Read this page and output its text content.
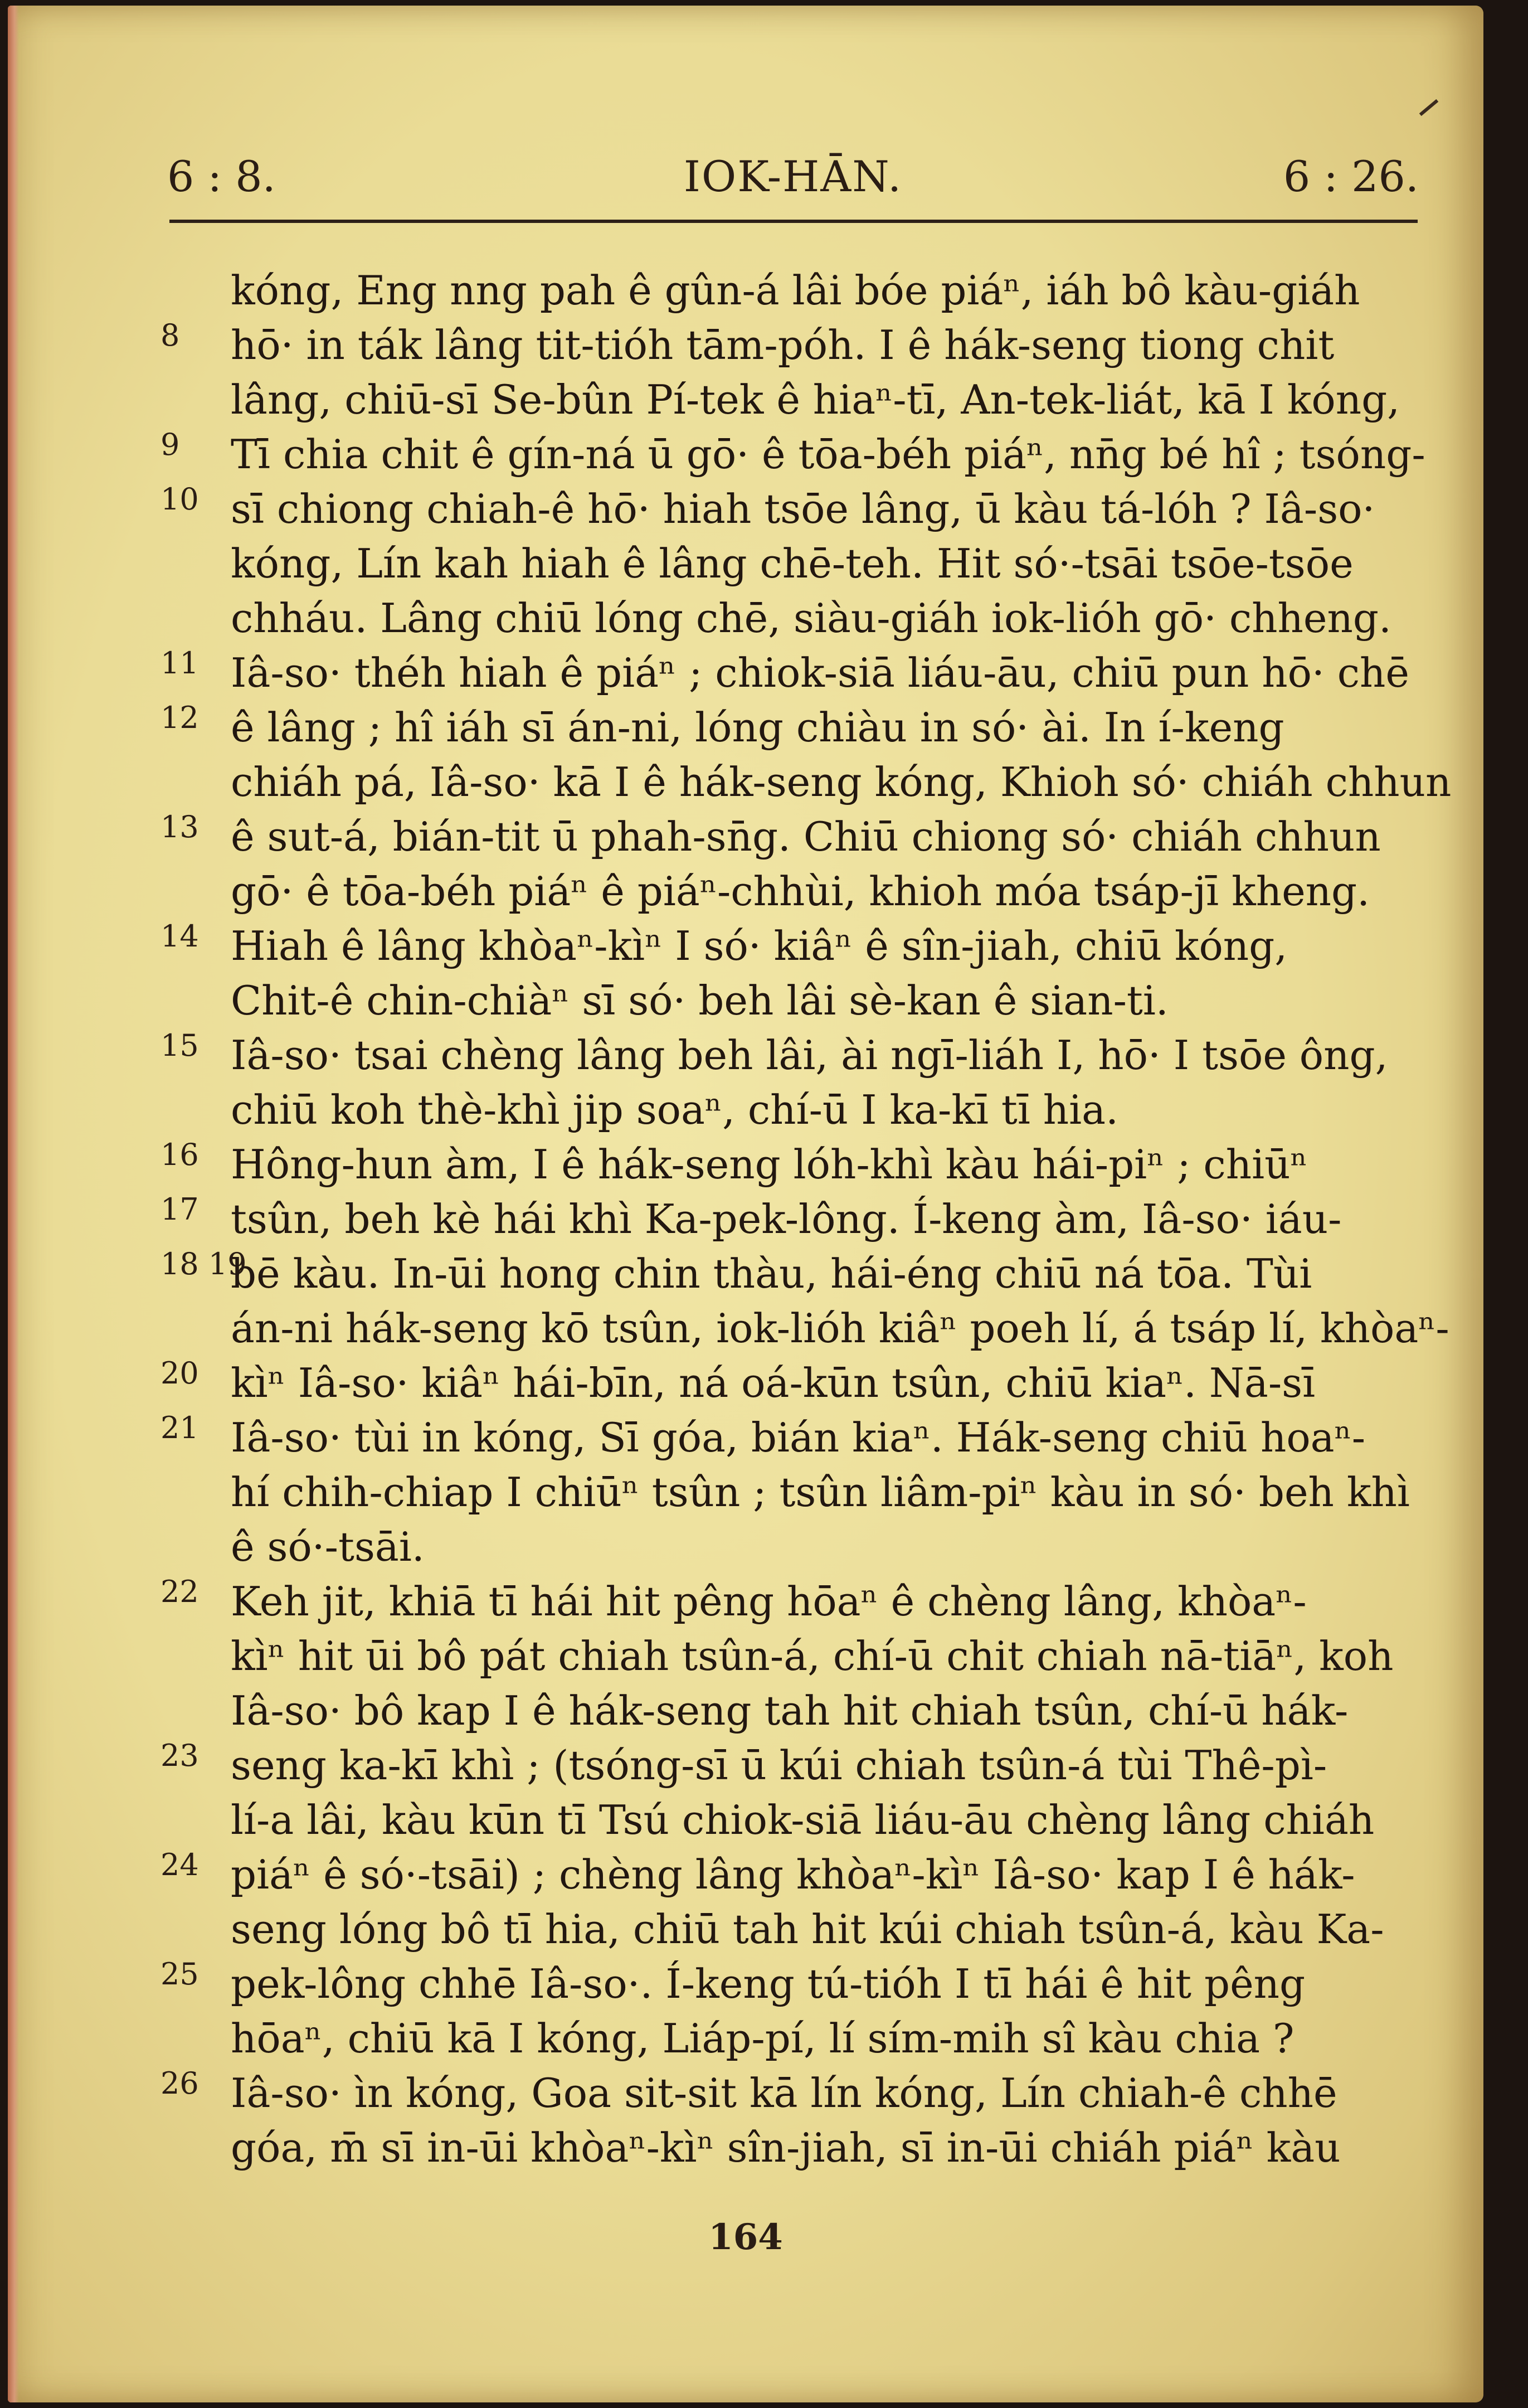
6 : 8.	IOK-HĀN.	6 : 26.
kóng, Eng nng pah ê gûn-á lâi bóe piáⁿ, iáh bô kàu-giáh
8 hō· in ták lâng tit-tióh tām-póh. I ê hák-seng tiong chit
lâng, chiū-sī Se-bûn Pí-tek ê hiaⁿ-tī, An-tek-liát, kā I kóng,
9 Tī chia chit ê gín-ná ū gō· ê tōa-béh piáⁿ, nn̄g bé hî ; tsóng-
10 sī chiong chiah-ê hō· hiah tsōe lâng, ū kàu tá-lóh ? Iâ-so·
kóng, Lín kah hiah ê lâng chē-teh. Hit só·-tsāi tsōe-tsōe
chháu. Lâng chiū lóng chē, siàu-giáh iok-lióh gō· chheng.
11 Iâ-so· théh hiah ê piáⁿ ; chiok-siā liáu-āu, chiū pun hō· chē
12 ê lâng ; hî iáh sī án-ni, lóng chiàu in só· ài. In í-keng
chiáh pá, Iâ-so· kā I ê hák-seng kóng, Khioh só· chiáh chhun
13 ê sut-á, bián-tit ū phah-sn̄g. Chiū chiong só· chiáh chhun
gō· ê tōa-béh piáⁿ ê piáⁿ-chhùi, khioh móa tsáp-jī kheng.
14 Hiah ê lâng khòaⁿ-kìⁿ I só· kiâⁿ ê sîn-jiah, chiū kóng,
Chit-ê chin-chiàⁿ sī só· beh lâi sè-kan ê sian-ti.
15 Iâ-so· tsai chèng lâng beh lâi, ài ngī-liáh I, hō· I tsōe ông,
chiū koh thè-khì jip soaⁿ, chí-ū I ka-kī tī hia.
16 Hông-hun àm, I ê hák-seng lóh-khì kàu hái-piⁿ ; chiūⁿ
17 tsûn, beh kè hái khì Ka-pek-lông. Í-keng àm, Iâ-so· iáu-
18 19
bē kàu. In-ūi hong chin thàu, hái-éng chiū ná tōa. Tùi
án-ni hák-seng kō tsûn, iok-lióh kiâⁿ poeh lí, á tsáp lí, khòaⁿ-
20 kìⁿ Iâ-so· kiâⁿ hái-bīn, ná oá-kūn tsûn, chiū kiaⁿ. Nā-sī
21 Iâ-so· tùi in kóng, Sī góa, bián kiaⁿ. Hák-seng chiū hoaⁿ-
hí chih-chiap I chiūⁿ tsûn ; tsûn liâm-piⁿ kàu in só· beh khì
ê só·-tsāi.
22 Keh jit, khiā tī hái hit pêng hōaⁿ ê chèng lâng, khòaⁿ-
kìⁿ hit ūi bô pát chiah tsûn-á, chí-ū chit chiah nā-tiāⁿ, koh
Iâ-so· bô kap I ê hák-seng tah hit chiah tsûn, chí-ū hák-
23 seng ka-kī khì ; (tsóng-sī ū kúi chiah tsûn-á tùi Thê-pì-
lí-a lâi, kàu kūn tī Tsú chiok-siā liáu-āu chèng lâng chiáh
24 piáⁿ ê só·-tsāi) ; chèng lâng khòaⁿ-kìⁿ Iâ-so· kap I ê hák-
seng lóng bô tī hia, chiū tah hit kúi chiah tsûn-á, kàu Ka-
25 pek-lông chhē Iâ-so·. Í-keng tú-tióh I tī hái ê hit pêng
hōaⁿ, chiū kā I kóng, Liáp-pí, lí sím-mih sî kàu chia ?
26 Iâ-so· ìn kóng, Goa sit-sit kā lín kóng, Lín chiah-ê chhē
góa, m̄ sī in-ūi khòaⁿ-kìⁿ sîn-jiah, sī in-ūi chiáh piáⁿ kàu
164
